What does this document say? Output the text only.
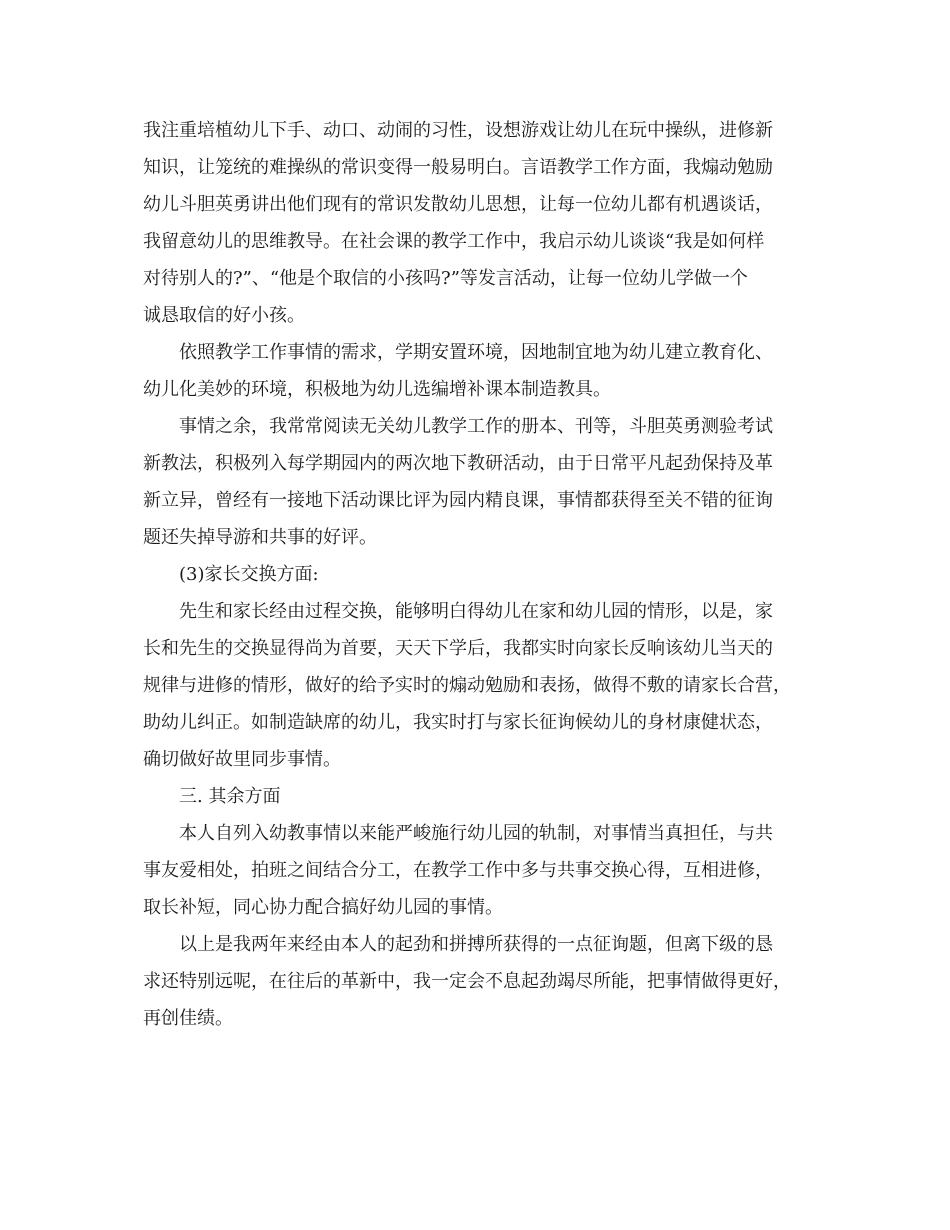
我注重培植幼儿下手、动口、动闹的习性，设想游戏让幼儿在玩中操纵，进修新
知识，让笼统的难操纵的常识变得一般易明白。言语教学工作方面，我煽动勉励
幼儿斗胆英勇讲出他们现有的常识发散幼儿思想，让每一位幼儿都有机遇谈话，
我留意幼儿的思维教导。在社会课的教学工作中，我启示幼儿谈谈“我是如何样
对待别人的?”、“他是个取信的小孩吗?”等发言活动，让每一位幼儿学做一个
诚恳取信的好小孩。
依照教学工作事情的需求，学期安置环境，因地制宜地为幼儿建立教育化、
幼儿化美妙的环境，积极地为幼儿选编增补课本制造教具。
事情之余，我常常阅读无关幼儿教学工作的册本、刊等，斗胆英勇测验考试
新教法，积极列入每学期园内的两次地下教研活动，由于日常平凡起劲保持及革
新立异，曾经有一接地下活动课比评为园内精良课，事情都获得至关不错的征询
题还失掉导游和共事的好评。
(3)家长交换方面:
先生和家长经由过程交换，能够明白得幼儿在家和幼儿园的情形，以是，家
长和先生的交换显得尚为首要，天天下学后，我都实时向家长反响该幼儿当天的
规律与进修的情形，做好的给予实时的煽动勉励和表扬，做得不敷的请家长合营，
助幼儿纠正。如制造缺席的幼儿，我实时打与家长征询候幼儿的身材康健状态，
确切做好故里同步事情。
三. 其余方面
本人自列入幼教事情以来能严峻施行幼儿园的轨制，对事情当真担任，与共
事友爱相处，拍班之间结合分工，在教学工作中多与共事交换心得，互相进修，
取长补短，同心协力配合搞好幼儿园的事情。
以上是我两年来经由本人的起劲和拼搏所获得的一点征询题，但离下级的恳
求还特别远呢，在往后的革新中，我一定会不息起劲竭尽所能，把事情做得更好，
再创佳绩。
